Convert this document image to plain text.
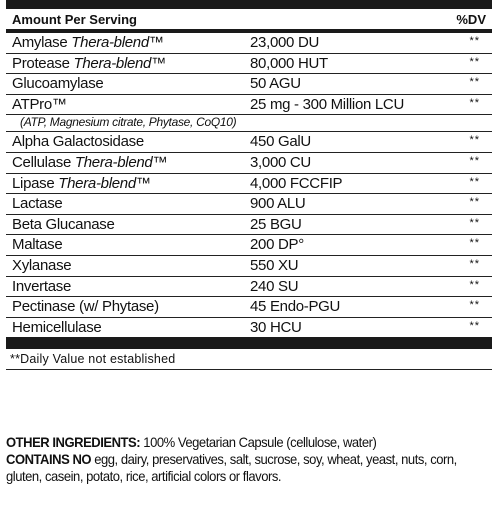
Amount Per Serving	%DV
Amylase Thera-blend™	23,000 DU	**
Protease Thera-blend™	80,000 HUT	**
Glucoamylase	50 AGU	**
ATPro™	25 mg - 300 Million LCU	**
(ATP, Magnesium citrate, Phytase, CoQ10)
Alpha Galactosidase	450 GalU	**
Cellulase Thera-blend™	3,000 CU	**
Lipase Thera-blend™	4,000 FCCFIP	**
Lactase	900 ALU	**
Beta Glucanase	25 BGU	**
Maltase	200 DP°	**
Xylanase	550 XU	**
Invertase	240 SU	**
Pectinase (w/ Phytase)	45 Endo-PGU	**
Hemicellulase	30 HCU	**
**Daily Value not established
OTHER INGREDIENTS: 100% Vegetarian Capsule (cellulose, water)
CONTAINS NO egg, dairy, preservatives, salt, sucrose, soy, wheat, yeast, nuts, corn, gluten, casein, potato, rice, artificial colors or flavors.
